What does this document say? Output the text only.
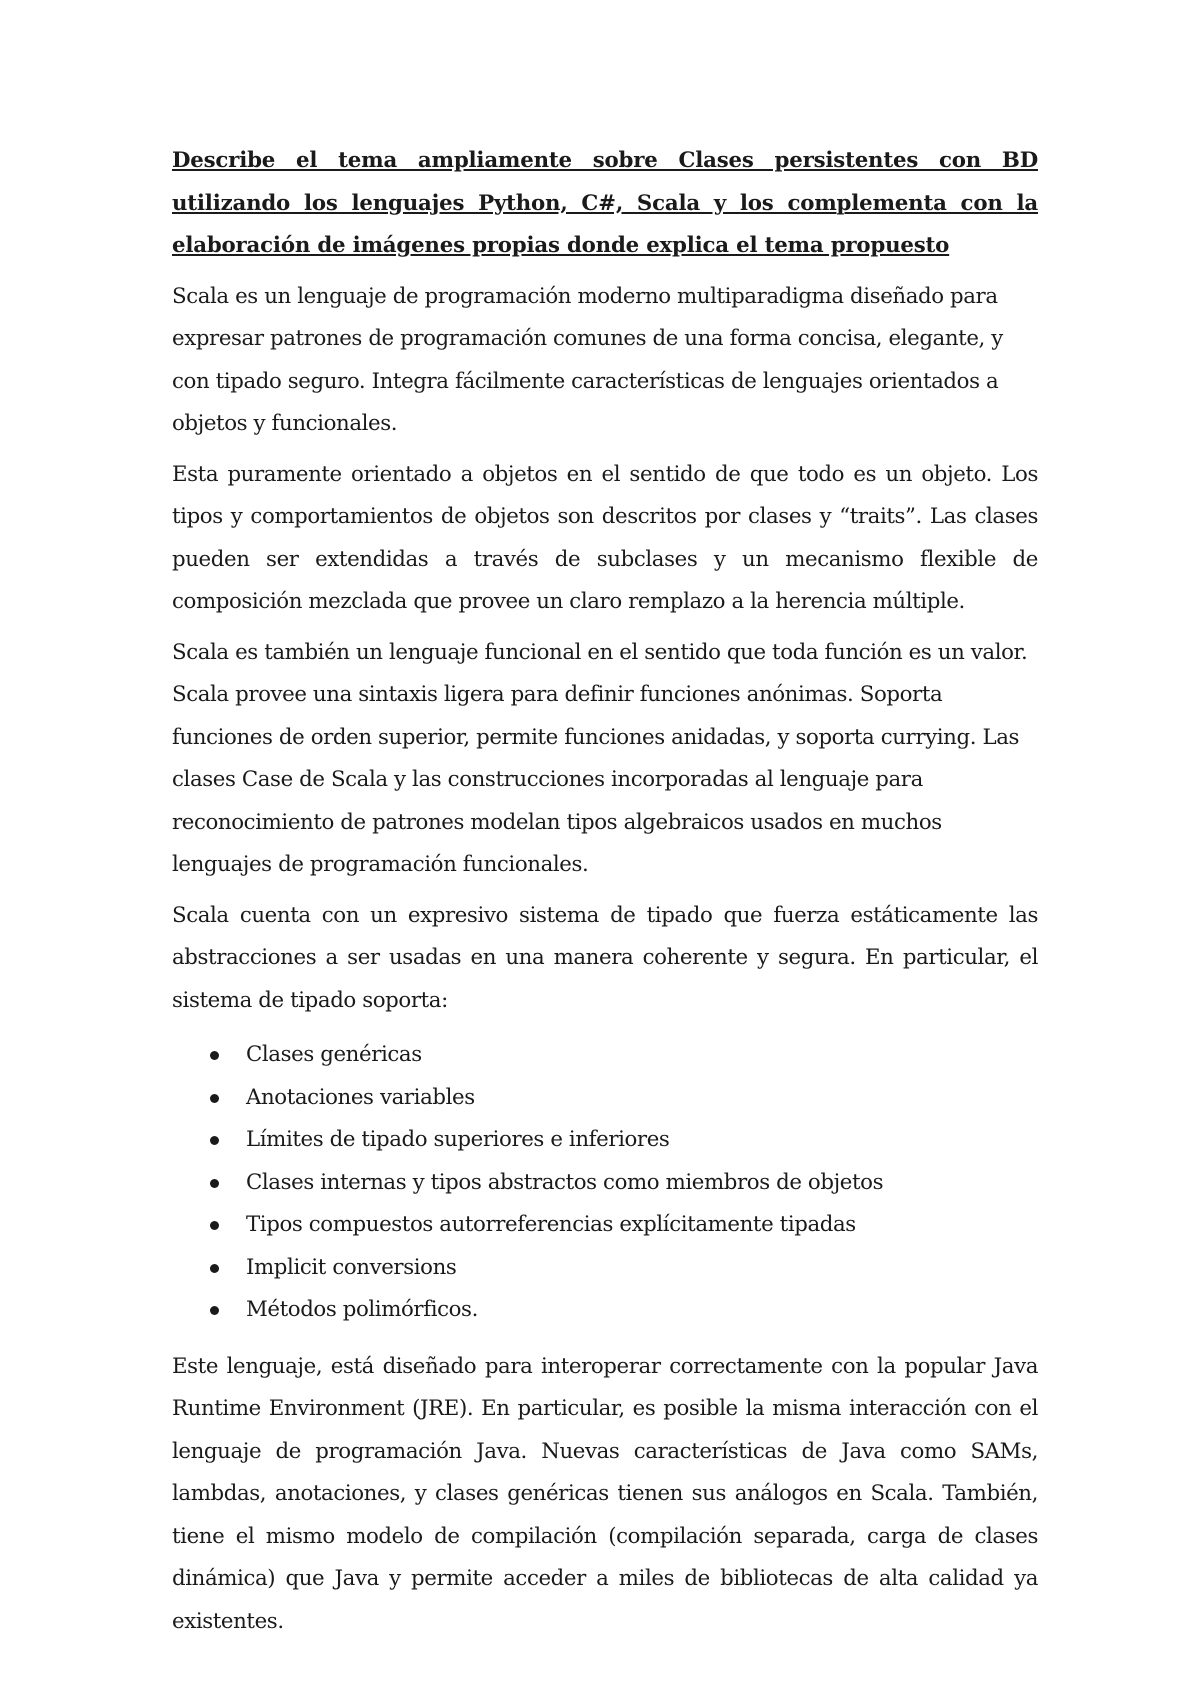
Describe el tema ampliamente sobre Clases persistentes con BD utilizando los lenguajes Python, C#, Scala y los complementa con la elaboración de imágenes propias donde explica el tema propuesto

Scala es un lenguaje de programación moderno multiparadigma diseñado para expresar patrones de programación comunes de una forma concisa, elegante, y con tipado seguro. Integra fácilmente características de lenguajes orientados a objetos y funcionales.

Esta puramente orientado a objetos en el sentido de que todo es un objeto. Los tipos y comportamientos de objetos son descritos por clases y “traits”. Las clases pueden ser extendidas a través de subclases y un mecanismo flexible de composición mezclada que provee un claro remplazo a la herencia múltiple.

Scala es también un lenguaje funcional en el sentido que toda función es un valor. Scala provee una sintaxis ligera para definir funciones anónimas. Soporta funciones de orden superior, permite funciones anidadas, y soporta currying. Las clases Case de Scala y las construcciones incorporadas al lenguaje para reconocimiento de patrones modelan tipos algebraicos usados en muchos lenguajes de programación funcionales.

Scala cuenta con un expresivo sistema de tipado que fuerza estáticamente las abstracciones a ser usadas en una manera coherente y segura. En particular, el sistema de tipado soporta:

Clases genéricas
Anotaciones variables
Límites de tipado superiores e inferiores
Clases internas y tipos abstractos como miembros de objetos
Tipos compuestos autorreferencias explícitamente tipadas
Implicit conversions
Métodos polimórficos.

Este lenguaje, está diseñado para interoperar correctamente con la popular Java Runtime Environment (JRE). En particular, es posible la misma interacción con el lenguaje de programación Java. Nuevas características de Java como SAMs, lambdas, anotaciones, y clases genéricas tienen sus análogos en Scala. También, tiene el mismo modelo de compilación (compilación separada, carga de clases dinámica) que Java y permite acceder a miles de bibliotecas de alta calidad ya existentes.
